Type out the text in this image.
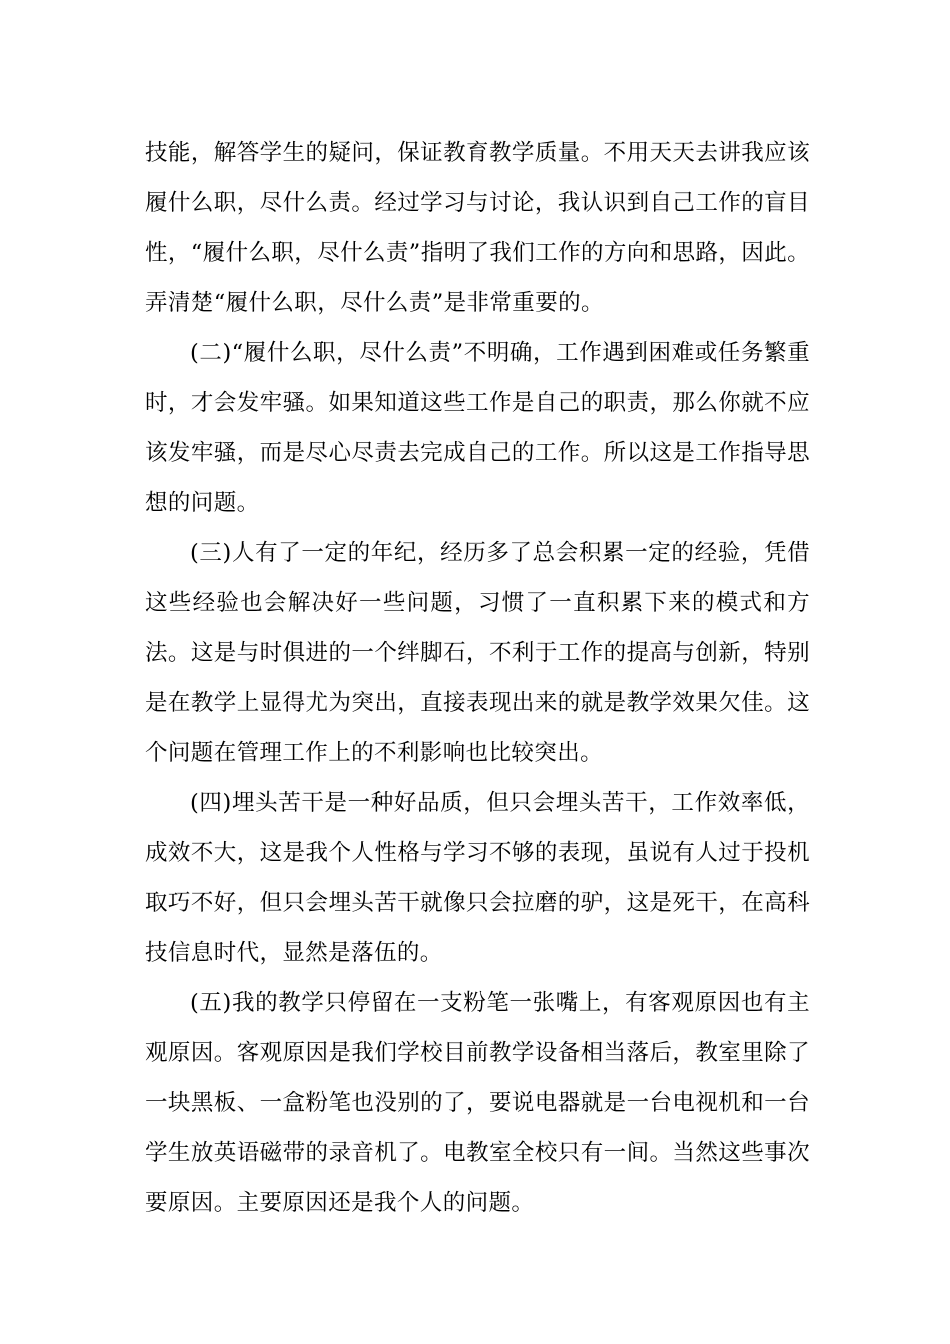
技能，解答学生的疑问，保证教育教学质量。不用天天去讲我应该履什么职，尽什么责。经过学习与讨论，我认识到自己工作的盲目性，“履什么职，尽什么责”指明了我们工作的方向和思路，因此。弄清楚“履什么职，尽什么责”是非常重要的。

(二)“履什么职，尽什么责”不明确，工作遇到困难或任务繁重时，才会发牢骚。如果知道这些工作是自己的职责，那么你就不应该发牢骚，而是尽心尽责去完成自己的工作。所以这是工作指导思想的问题。

(三)人有了一定的年纪，经历多了总会积累一定的经验，凭借这些经验也会解决好一些问题，习惯了一直积累下来的模式和方法。这是与时俱进的一个绊脚石，不利于工作的提高与创新，特别是在教学上显得尤为突出，直接表现出来的就是教学效果欠佳。这个问题在管理工作上的不利影响也比较突出。

(四)埋头苦干是一种好品质，但只会埋头苦干，工作效率低，成效不大，这是我个人性格与学习不够的表现，虽说有人过于投机取巧不好，但只会埋头苦干就像只会拉磨的驴，这是死干，在高科技信息时代，显然是落伍的。

(五)我的教学只停留在一支粉笔一张嘴上，有客观原因也有主观原因。客观原因是我们学校目前教学设备相当落后，教室里除了一块黑板、一盒粉笔也没别的了，要说电器就是一台电视机和一台学生放英语磁带的录音机了。电教室全校只有一间。当然这些事次要原因。主要原因还是我个人的问题。
